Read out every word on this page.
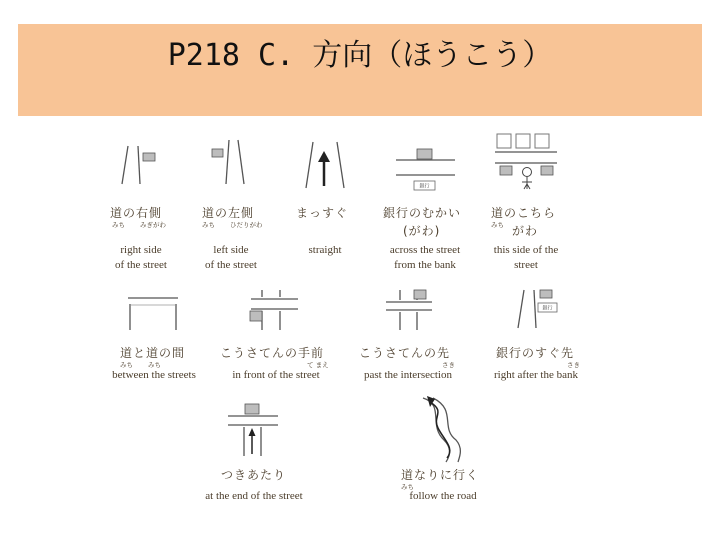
P218 C. 方向（ほうこう）
銀行
銀行
道の右側
みち みぎがわ
right side
of the street
道の左側
みち ひだりがわ
left side
of the street
まっすぐ
straight
銀行のむかい
(がわ)
across the street
from the bank
道のこちら
みち がわ
this side of the
street
道と道の間
みち みち
between the streets
こうさてんの手前
て まえ
in front of the street
こうさてんの先
さき
past the intersection
銀行のすぐ先
さき
right after the bank
つきあたり
at the end of the street
道なりに行く
みち
follow the road
